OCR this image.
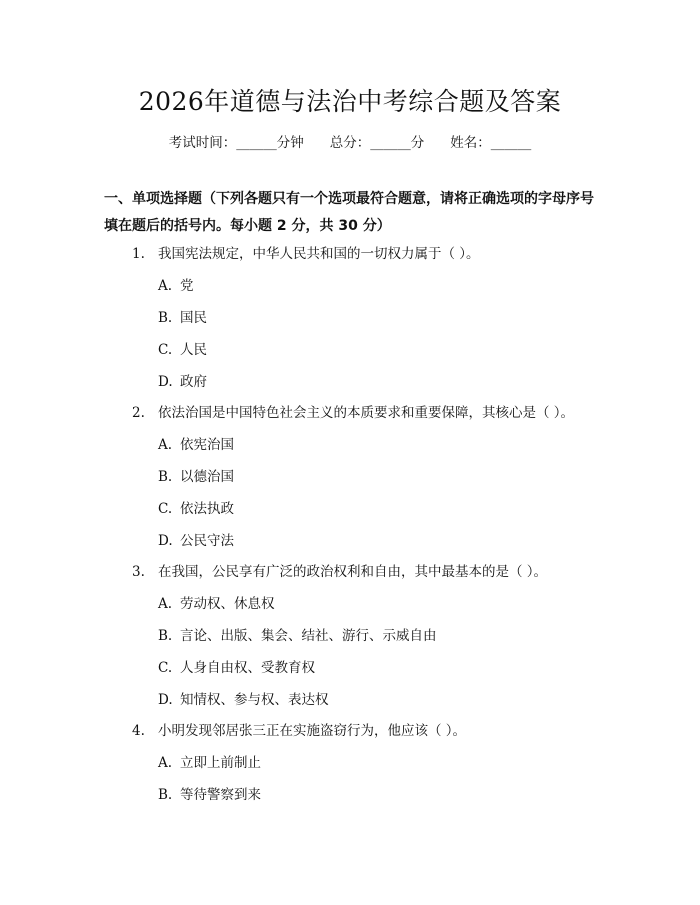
2026年道德与法治中考综合题及答案
考试时间：______分钟 总分：______分 姓名：______
一、单项选择题（下列各题只有一个选项最符合题意，请将正确选项的字母序号
填在题后的括号内。每小题 2 分，共 30 分）
1. 我国宪法规定，中华人民共和国的一切权力属于（ ）。
A. 党
B. 国民
C. 人民
D. 政府
2. 依法治国是中国特色社会主义的本质要求和重要保障，其核心是（ ）。
A. 依宪治国
B. 以德治国
C. 依法执政
D. 公民守法
3. 在我国，公民享有广泛的政治权利和自由，其中最基本的是（ ）。
A. 劳动权、休息权
B. 言论、出版、集会、结社、游行、示威自由
C. 人身自由权、受教育权
D. 知情权、参与权、表达权
4. 小明发现邻居张三正在实施盗窃行为，他应该（ ）。
A. 立即上前制止
B. 等待警察到来
